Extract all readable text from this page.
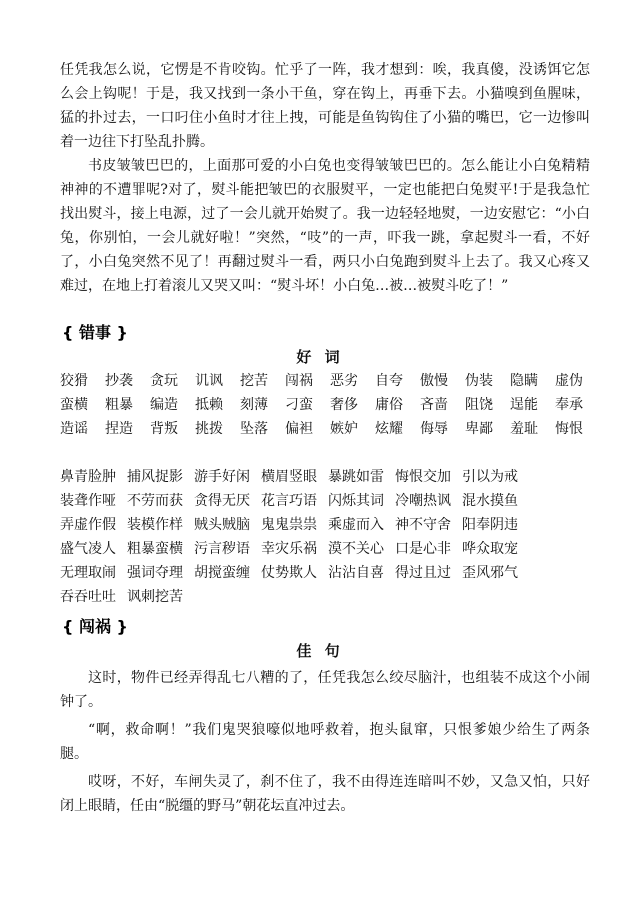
任凭我怎么说，它愣是不肯咬钩。忙乎了一阵，我才想到：唉，我真傻，没诱饵它怎么会上钩呢！于是，我又找到一条小干鱼，穿在钩上，再垂下去。小猫嗅到鱼腥味，猛的扑过去，一口叼住小鱼时才往上拽，可能是鱼钩钩住了小猫的嘴巴，它一边惨叫着一边往下打坠乱扑腾。

书皮皱皱巴巴的，上面那可爱的小白兔也变得皱皱巴巴的。怎么能让小白兔精精神神的不遭罪呢?对了，熨斗能把皱巴的衣服熨平，一定也能把白兔熨平!于是我急忙找出熨斗，接上电源，过了一会儿就开始熨了。我一边轻轻地熨，一边安慰它：“小白兔，你别怕，一会儿就好啦！”突然，“吱”的一声，吓我一跳，拿起熨斗一看，不好了，小白兔突然不见了！再翻过熨斗一看，两只小白兔跑到熨斗上去了。我又心疼又难过，在地上打着滚儿又哭又叫：“熨斗坏！小白兔…被…被熨斗吃了！”

{ 错事 }

好 词

狡猾	抄袭	贪玩	讥讽	挖苦	闯祸	恶劣	自夸	傲慢	伪装	隐瞒	虚伪
蛮横	粗暴	编造	抵赖	刻薄	刁蛮	奢侈	庸俗	吝啬	阻饶	逞能	奉承
造谣	捏造	背叛	挑拨	坠落	偏袒	嫉妒	炫耀	侮辱	卑鄙	羞耻	悔恨
鼻青脸肿 捕风捉影 游手好闲 横眉竖眼 暴跳如雷 悔恨交加 引以为戒
装聋作哑 不劳而获 贪得无厌 花言巧语 闪烁其词 冷嘲热讽 混水摸鱼
弄虚作假 装模作样 贼头贼脑 鬼鬼祟祟 乘虚而入 神不守舍 阳奉阴违
盛气凌人 粗暴蛮横 污言秽语 幸灾乐祸 漠不关心 口是心非 哗众取宠
无理取闹 强词夺理 胡搅蛮缠 仗势欺人 沾沾自喜 得过且过 歪风邪气
吞吞吐吐 讽刺挖苦

{ 闯祸 }

佳 句

这时，物件已经弄得乱七八糟的了，任凭我怎么绞尽脑汁，也组装不成这个小闹钟了。

“啊，救命啊！”我们鬼哭狼嚎似地呼救着，抱头鼠窜，只恨爹娘少给生了两条腿。

哎呀，不好，车闸失灵了，刹不住了，我不由得连连暗叫不妙，又急又怕，只好闭上眼睛，任由“脱缰的野马”朝花坛直冲过去。
